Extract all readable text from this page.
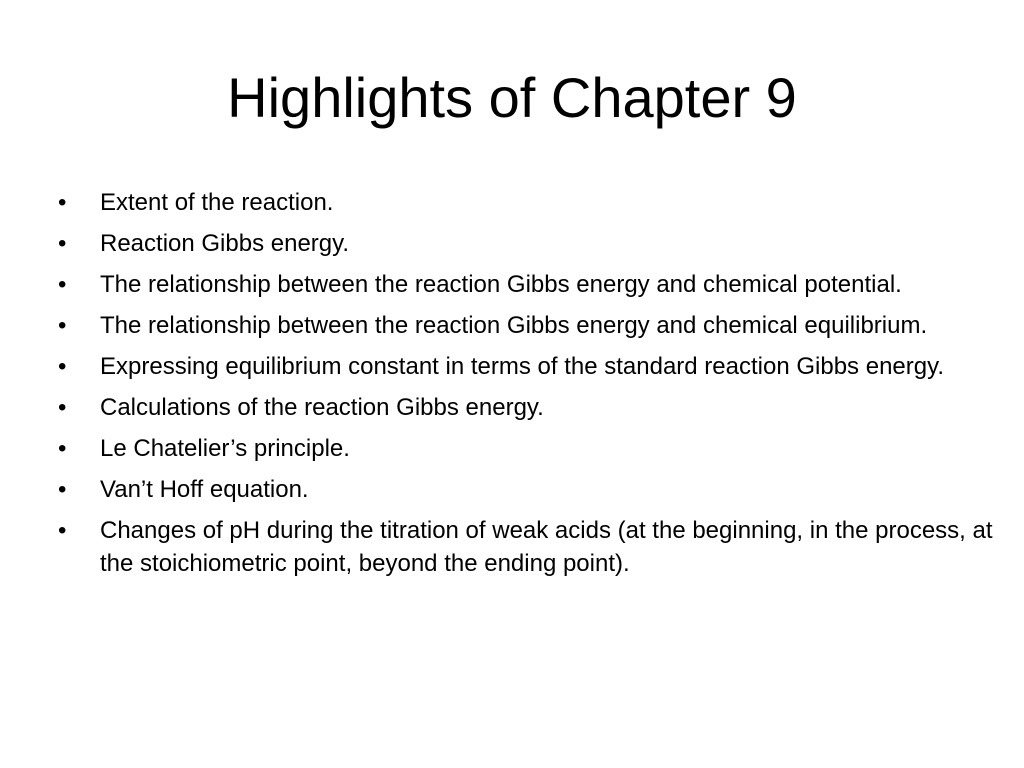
Highlights of Chapter 9
•	Extent of the reaction.
•	Reaction Gibbs energy.
•	The relationship between the reaction Gibbs energy and chemical potential.
•	The relationship between the reaction Gibbs energy and chemical equilibrium.
•	Expressing equilibrium constant in terms of the standard reaction Gibbs energy.
•	Calculations of the reaction Gibbs energy.
•	Le Chatelier’s principle.
•	Van’t Hoff equation.
•	Changes of pH during the titration of weak acids (at the beginning, in the process, at the stoichiometric point, beyond the ending point).
